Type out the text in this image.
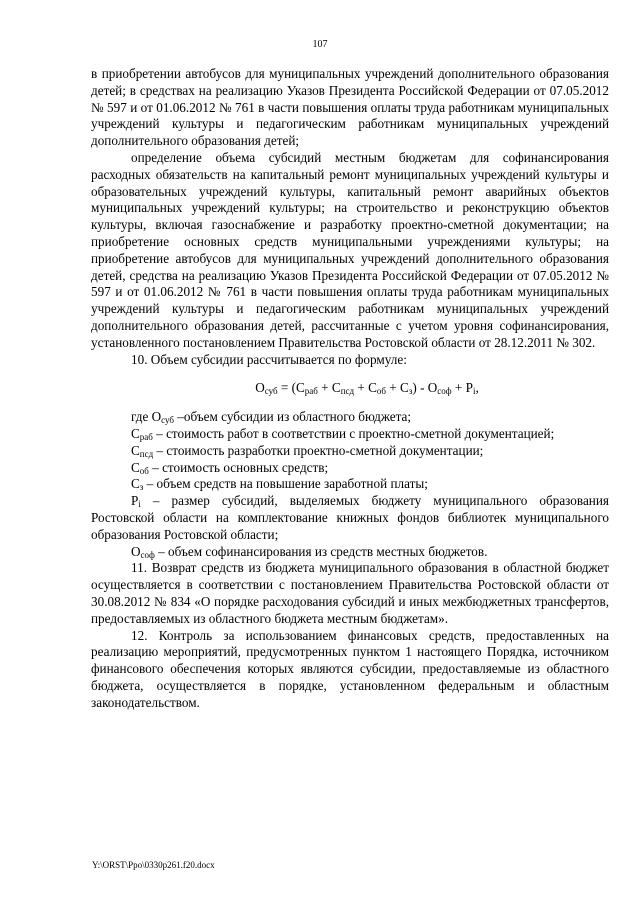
107

в приобретении автобусов для муниципальных учреждений дополнительного образования детей; в средствах на реализацию Указов Президента Российской Федерации от 07.05.2012 № 597 и от 01.06.2012 № 761 в части повышения оплаты труда работникам муниципальных учреждений культуры и педагогическим работникам муниципальных учреждений дополнительного образования детей;

определение объема субсидий местным бюджетам для софинансирования расходных обязательств на капитальный ремонт муниципальных учреждений культуры и образовательных учреждений культуры, капитальный ремонт аварийных объектов муниципальных учреждений культуры; на строительство и реконструкцию объектов культуры, включая газоснабжение и разработку проектно-сметной документации; на приобретение основных средств муниципальными учреждениями культуры; на приобретение автобусов для муниципальных учреждений дополнительного образования детей, средства на реализацию Указов Президента Российской Федерации от 07.05.2012 № 597 и от 01.06.2012 № 761 в части повышения оплаты труда работникам муниципальных учреждений культуры и педагогическим работникам муниципальных учреждений дополнительного образования детей, рассчитанные с учетом уровня софинансирования, установленного постановлением Правительства Ростовской области от 28.12.2011 № 302.

10. Объем субсидии рассчитывается по формуле:

$О_{суб} = (С_{раб} + С_{псд} + С_{об} + С_з) - О_{соф} + Р_i$,

где $О_{суб}$ –объем субсидии из областного бюджета;

$С_{раб}$ – стоимость работ в соответствии с проектно-сметной документацией;

$С_{псд}$ – стоимость разработки проектно-сметной документации;

$С_{об}$ – стоимость основных средств;

$С_з$ – объем средств на повышение заработной платы;

$Р_i$ – размер субсидий, выделяемых бюджету муниципального образования Ростовской области на комплектование книжных фондов библиотек муниципального образования Ростовской области;

$О_{соф}$ – объем софинансирования из средств местных бюджетов.

11. Возврат средств из бюджета муниципального образования в областной бюджет осуществляется в соответствии с постановлением Правительства Ростовской области от 30.08.2012 № 834 «О порядке расходования субсидий и иных межбюджетных трансфертов, предоставляемых из областного бюджета местным бюджетам».

12. Контроль за использованием финансовых средств, предоставленных на реализацию мероприятий, предусмотренных пунктом 1 настоящего Порядка, источником финансового обеспечения которых являются субсидии, предоставляемые из областного бюджета, осуществляется в порядке, установленном федеральным и областным законодательством.

Y:\ORST\Ppo\0330p261.f20.docx
